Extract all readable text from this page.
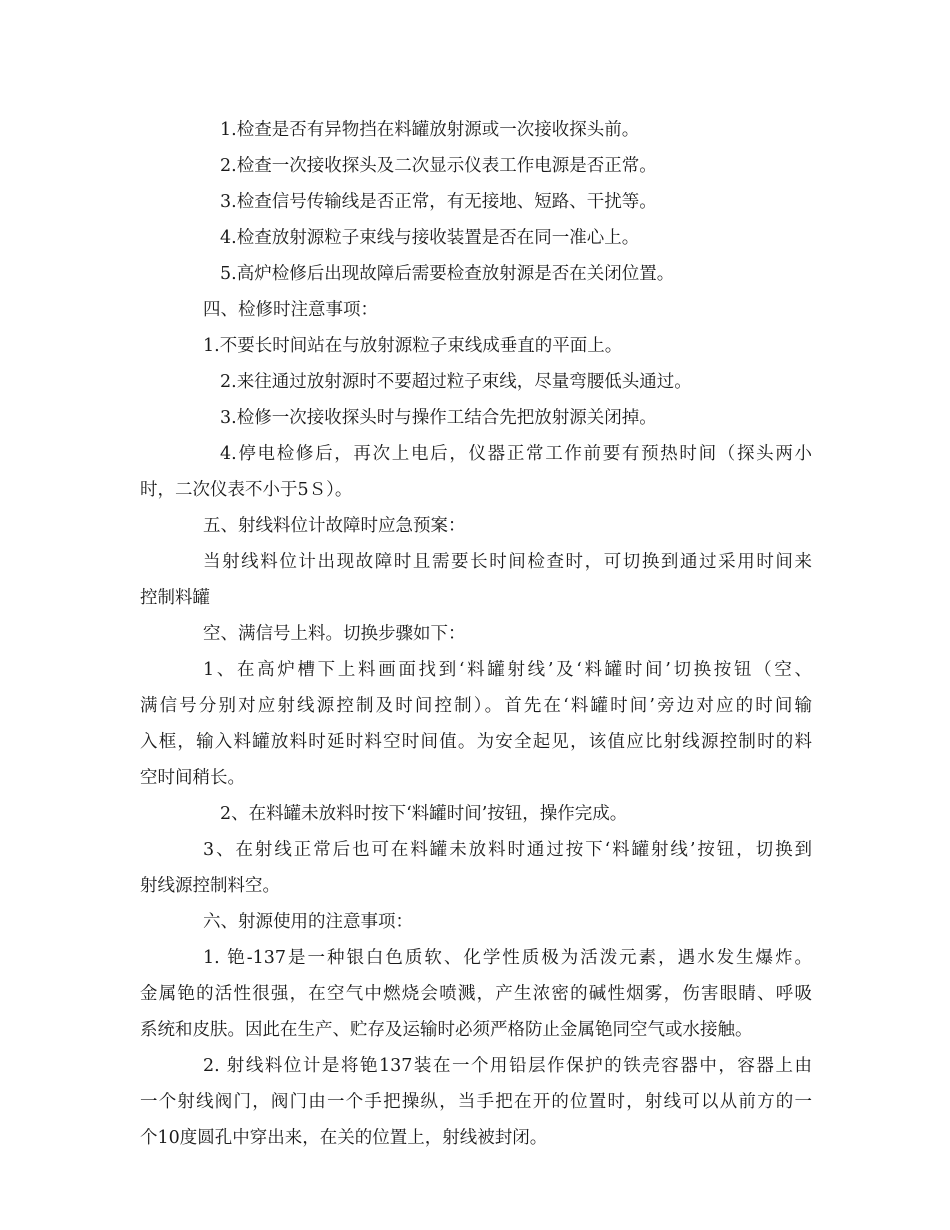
1.检查是否有异物挡在料罐放射源或一次接收探头前。
2.检查一次接收探头及二次显示仪表工作电源是否正常。
3.检查信号传输线是否正常，有无接地、短路、干扰等。
4.检查放射源粒子束线与接收装置是否在同一准心上。
5.高炉检修后出现故障后需要检查放射源是否在关闭位置。
四、检修时注意事项：
1.不要长时间站在与放射源粒子束线成垂直的平面上。
2.来往通过放射源时不要超过粒子束线，尽量弯腰低头通过。
3.检修一次接收探头时与操作工结合先把放射源关闭掉。
4.停电检修后，再次上电后，仪器正常工作前要有预热时间（探头两小
时，二次仪表不小于5Ｓ）。
五、射线料位计故障时应急预案：
当射线料位计出现故障时且需要长时间检查时，可切换到通过采用时间来
控制料罐
空、满信号上料。切换步骤如下：
1、在高炉槽下上料画面找到‘料罐射线’及‘料罐时间’切换按钮（空、
满信号分别对应射线源控制及时间控制）。首先在‘料罐时间’旁边对应的时间输
入框，输入料罐放料时延时料空时间值。为安全起见，该值应比射线源控制时的料
空时间稍长。
2、在料罐未放料时按下‘料罐时间’按钮，操作完成。
3、在射线正常后也可在料罐未放料时通过按下‘料罐射线’按钮，切换到
射线源控制料空。
六、射源使用的注意事项：
1. 铯-137是一种银白色质软、化学性质极为活泼元素，遇水发生爆炸。
金属铯的活性很强，在空气中燃烧会喷溅，产生浓密的碱性烟雾，伤害眼睛、呼吸
系统和皮肤。因此在生产、贮存及运输时必须严格防止金属铯同空气或水接触。
2. 射线料位计是将铯137装在一个用铅层作保护的铁壳容器中，容器上由
一个射线阀门，阀门由一个手把操纵，当手把在开的位置时，射线可以从前方的一
个10度圆孔中穿出来，在关的位置上，射线被封闭。
